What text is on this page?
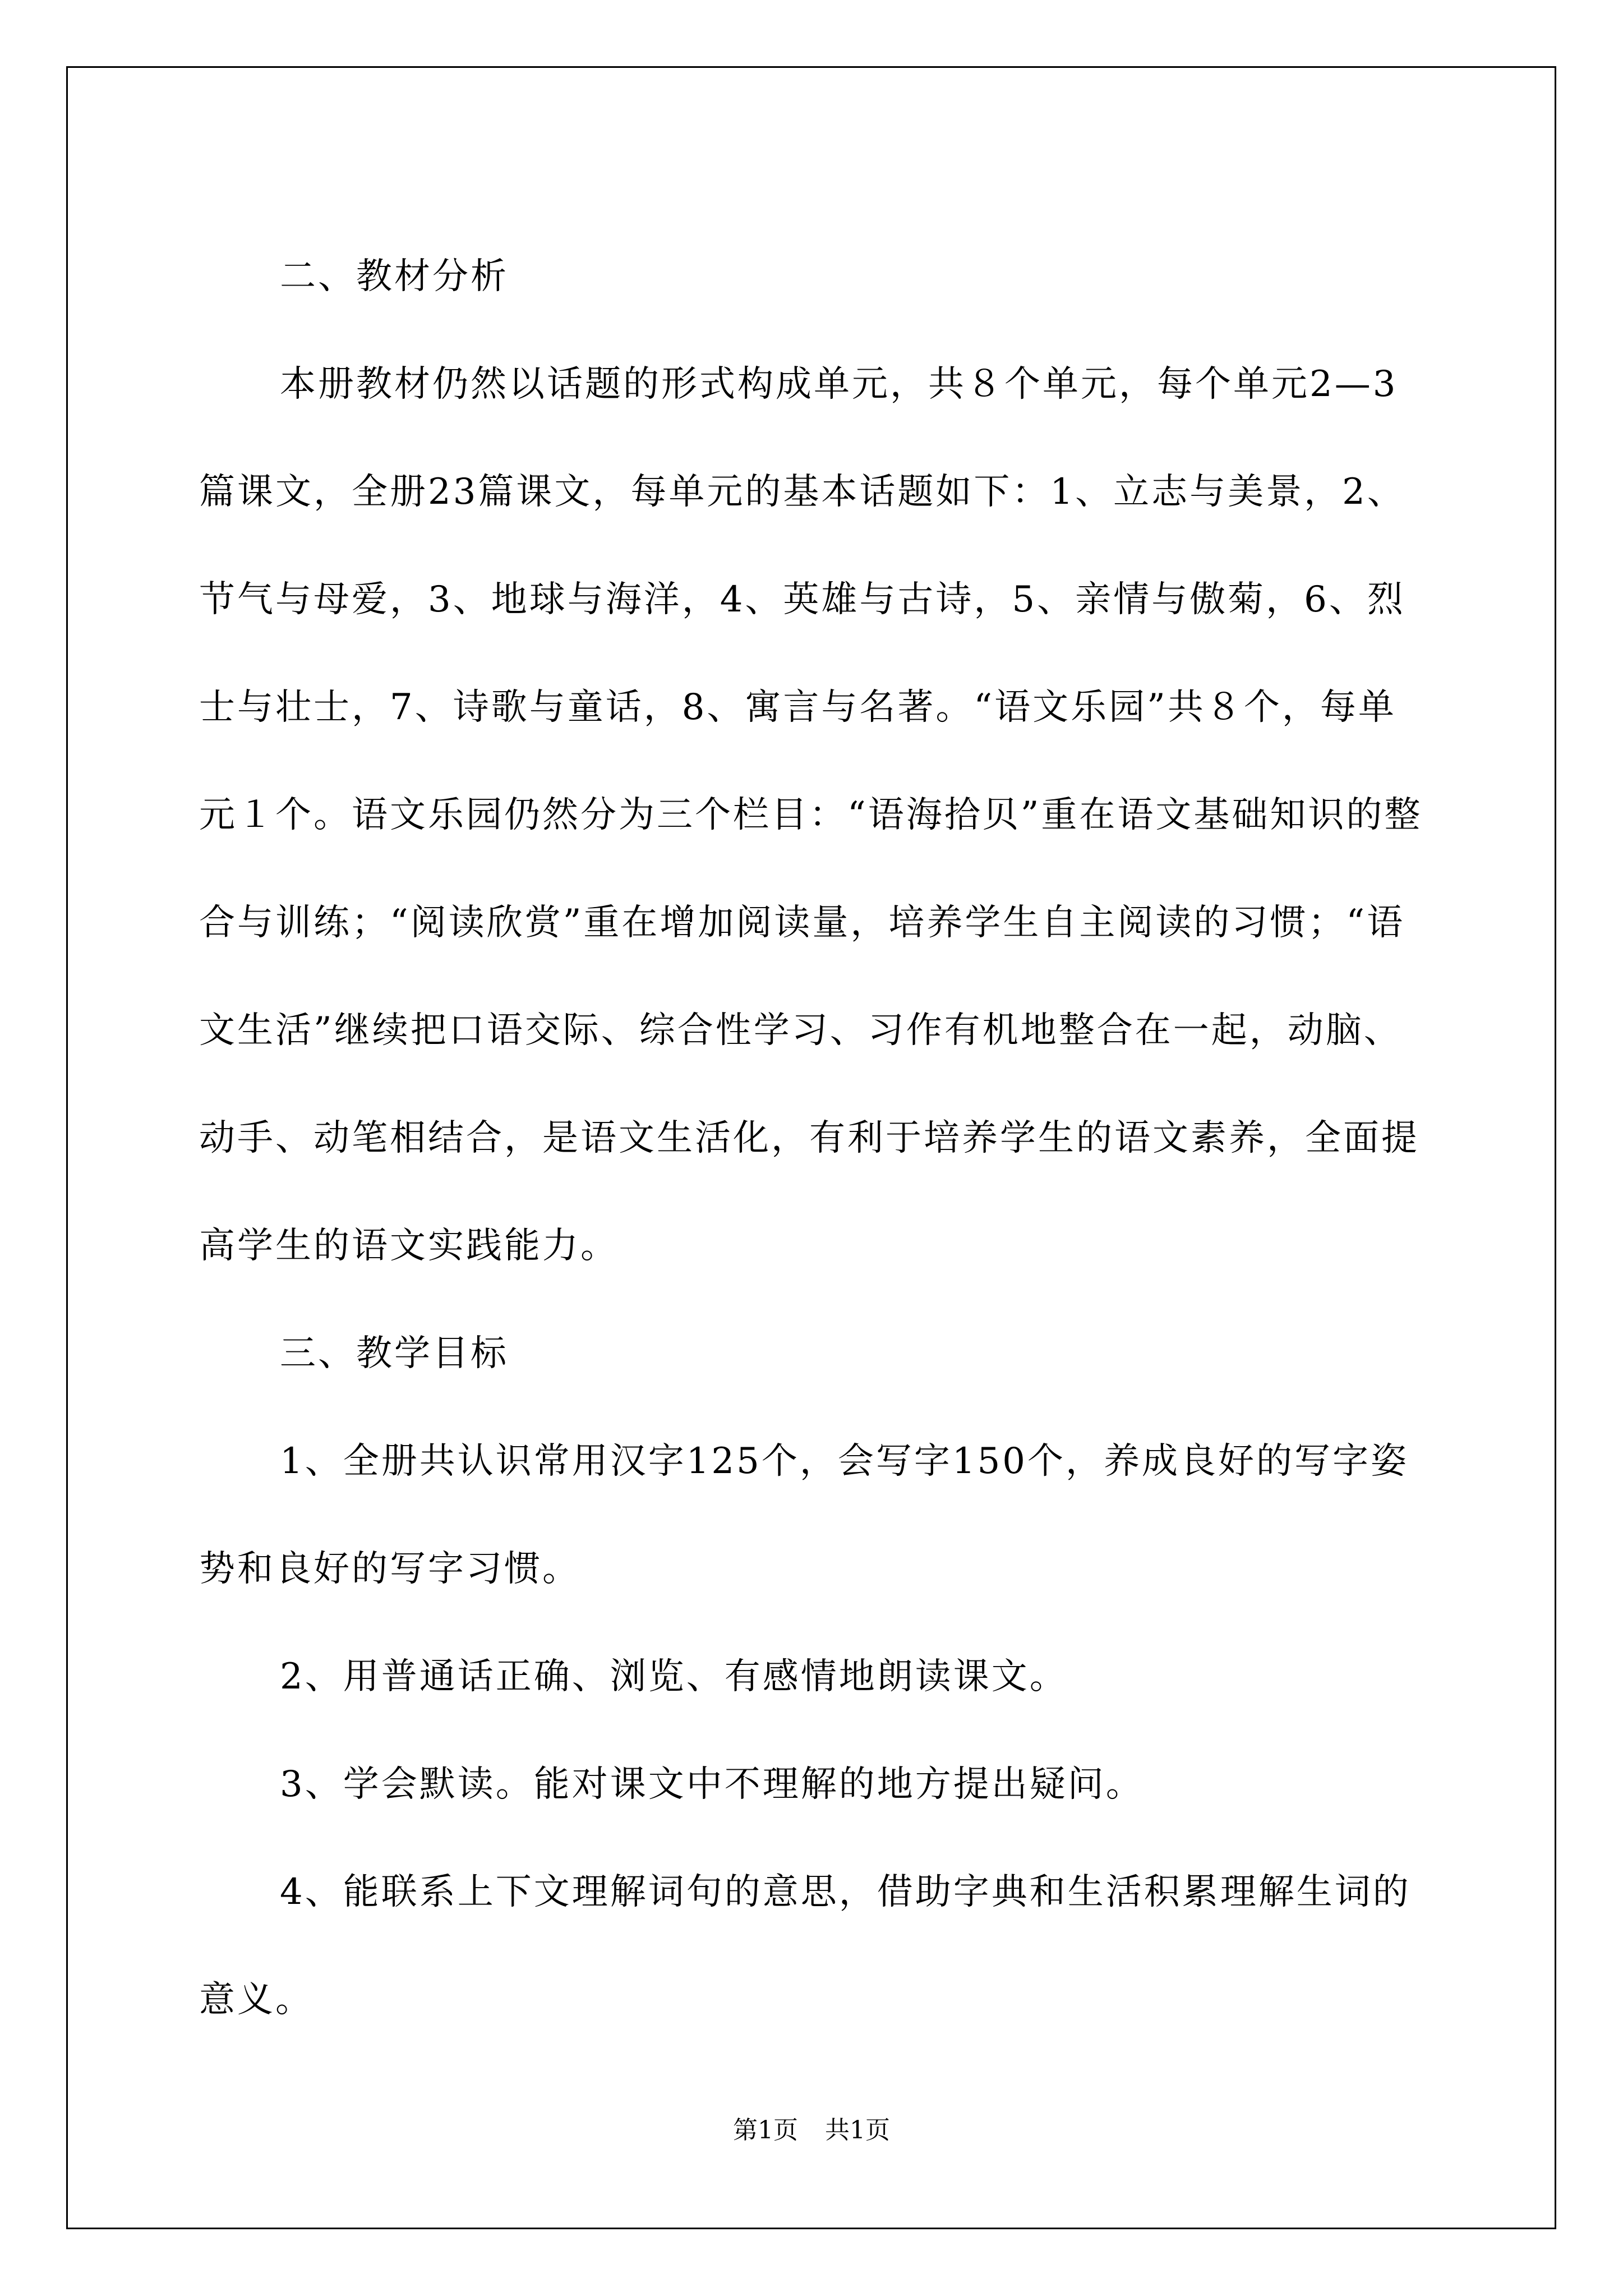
二、教材分析

本册教材仍然以话题的形式构成单元，共８个单元，每个单元2—3篇课文，全册23篇课文，每单元的基本话题如下：1、立志与美景，2、节气与母爱，3、地球与海洋，4、英雄与古诗，5、亲情与傲菊，6、烈士与壮士，7、诗歌与童话，8、寓言与名著。“语文乐园”共８个，每单元１个。语文乐园仍然分为三个栏目：“语海拾贝”重在语文基础知识的整合与训练；“阅读欣赏”重在增加阅读量，培养学生自主阅读的习惯；“语文生活”继续把口语交际、综合性学习、习作有机地整合在一起，动脑、动手、动笔相结合，是语文生活化，有利于培养学生的语文素养，全面提高学生的语文实践能力。

三、教学目标

1、全册共认识常用汉字125个，会写字150个，养成良好的写字姿势和良好的写字习惯。

2、用普通话正确、浏览、有感情地朗读课文。

3、学会默读。能对课文中不理解的地方提出疑问。

4、能联系上下文理解词句的意思，借助字典和生活积累理解生词的意义。

第1页 共1页
